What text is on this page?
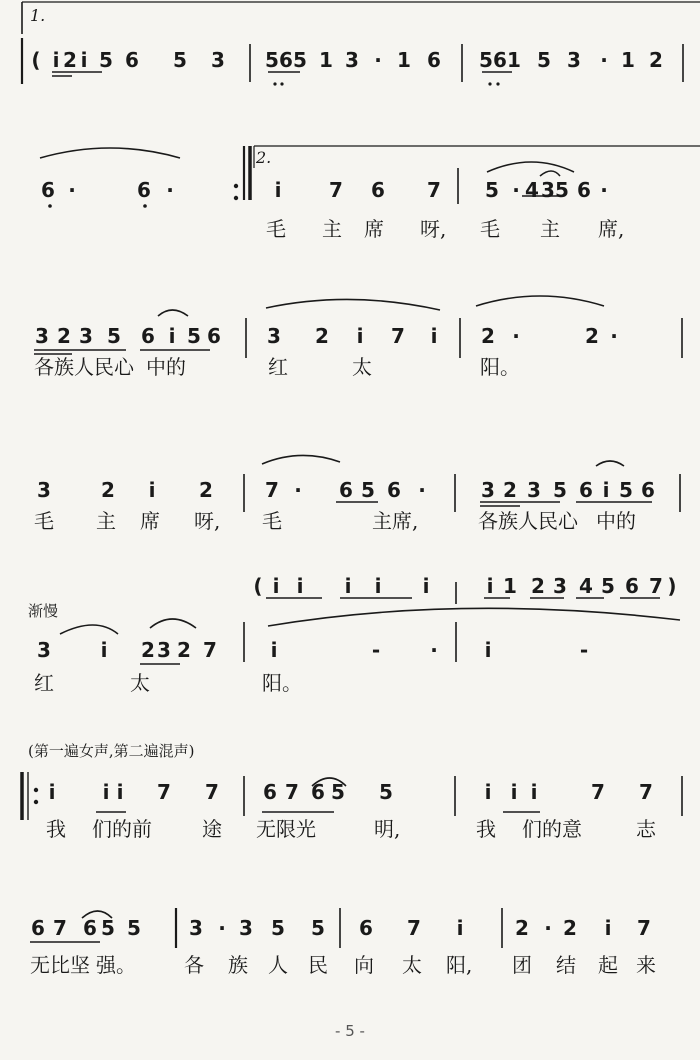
1.
2.
渐慢
(第一遍女声,第二遍混声)
( i 2 i 5 6 5 3 5 6 5 1 3 · 1 6 5 6 1 5 3 · 1 2
6 ·	6 ·	i 7 6 7 5 · 4 3 5 6 ·
毛 主 席 呀, 毛 主 席,
3 2 3 5 6 i 5 6 3 2 i 7 i 2 ·	2 ·
各族人民心 中的	红	太	阳。
3	2 i 2	7 · 6 5 6 ·	3 2 3 5 6 i 5 6
毛 主 席 呀, 毛	主席,	各族人民心 中的
( i i i i i	i 1 2 3 4 5 6 7 )
3 i 2 3 2 7	i	-	· i	-
红	太	阳。
i i i 7 7 6 7 6 5 5	i i i	7 7
我 们的前	途 无限光	明,	我 们的意	志
6 7 6 5 5 3 · 3 5 5 6 7 i	2 · 2 i 7
无比坚 强。 各 族 人 民 向 太 阳, 团 结 起 来
- 5 -
